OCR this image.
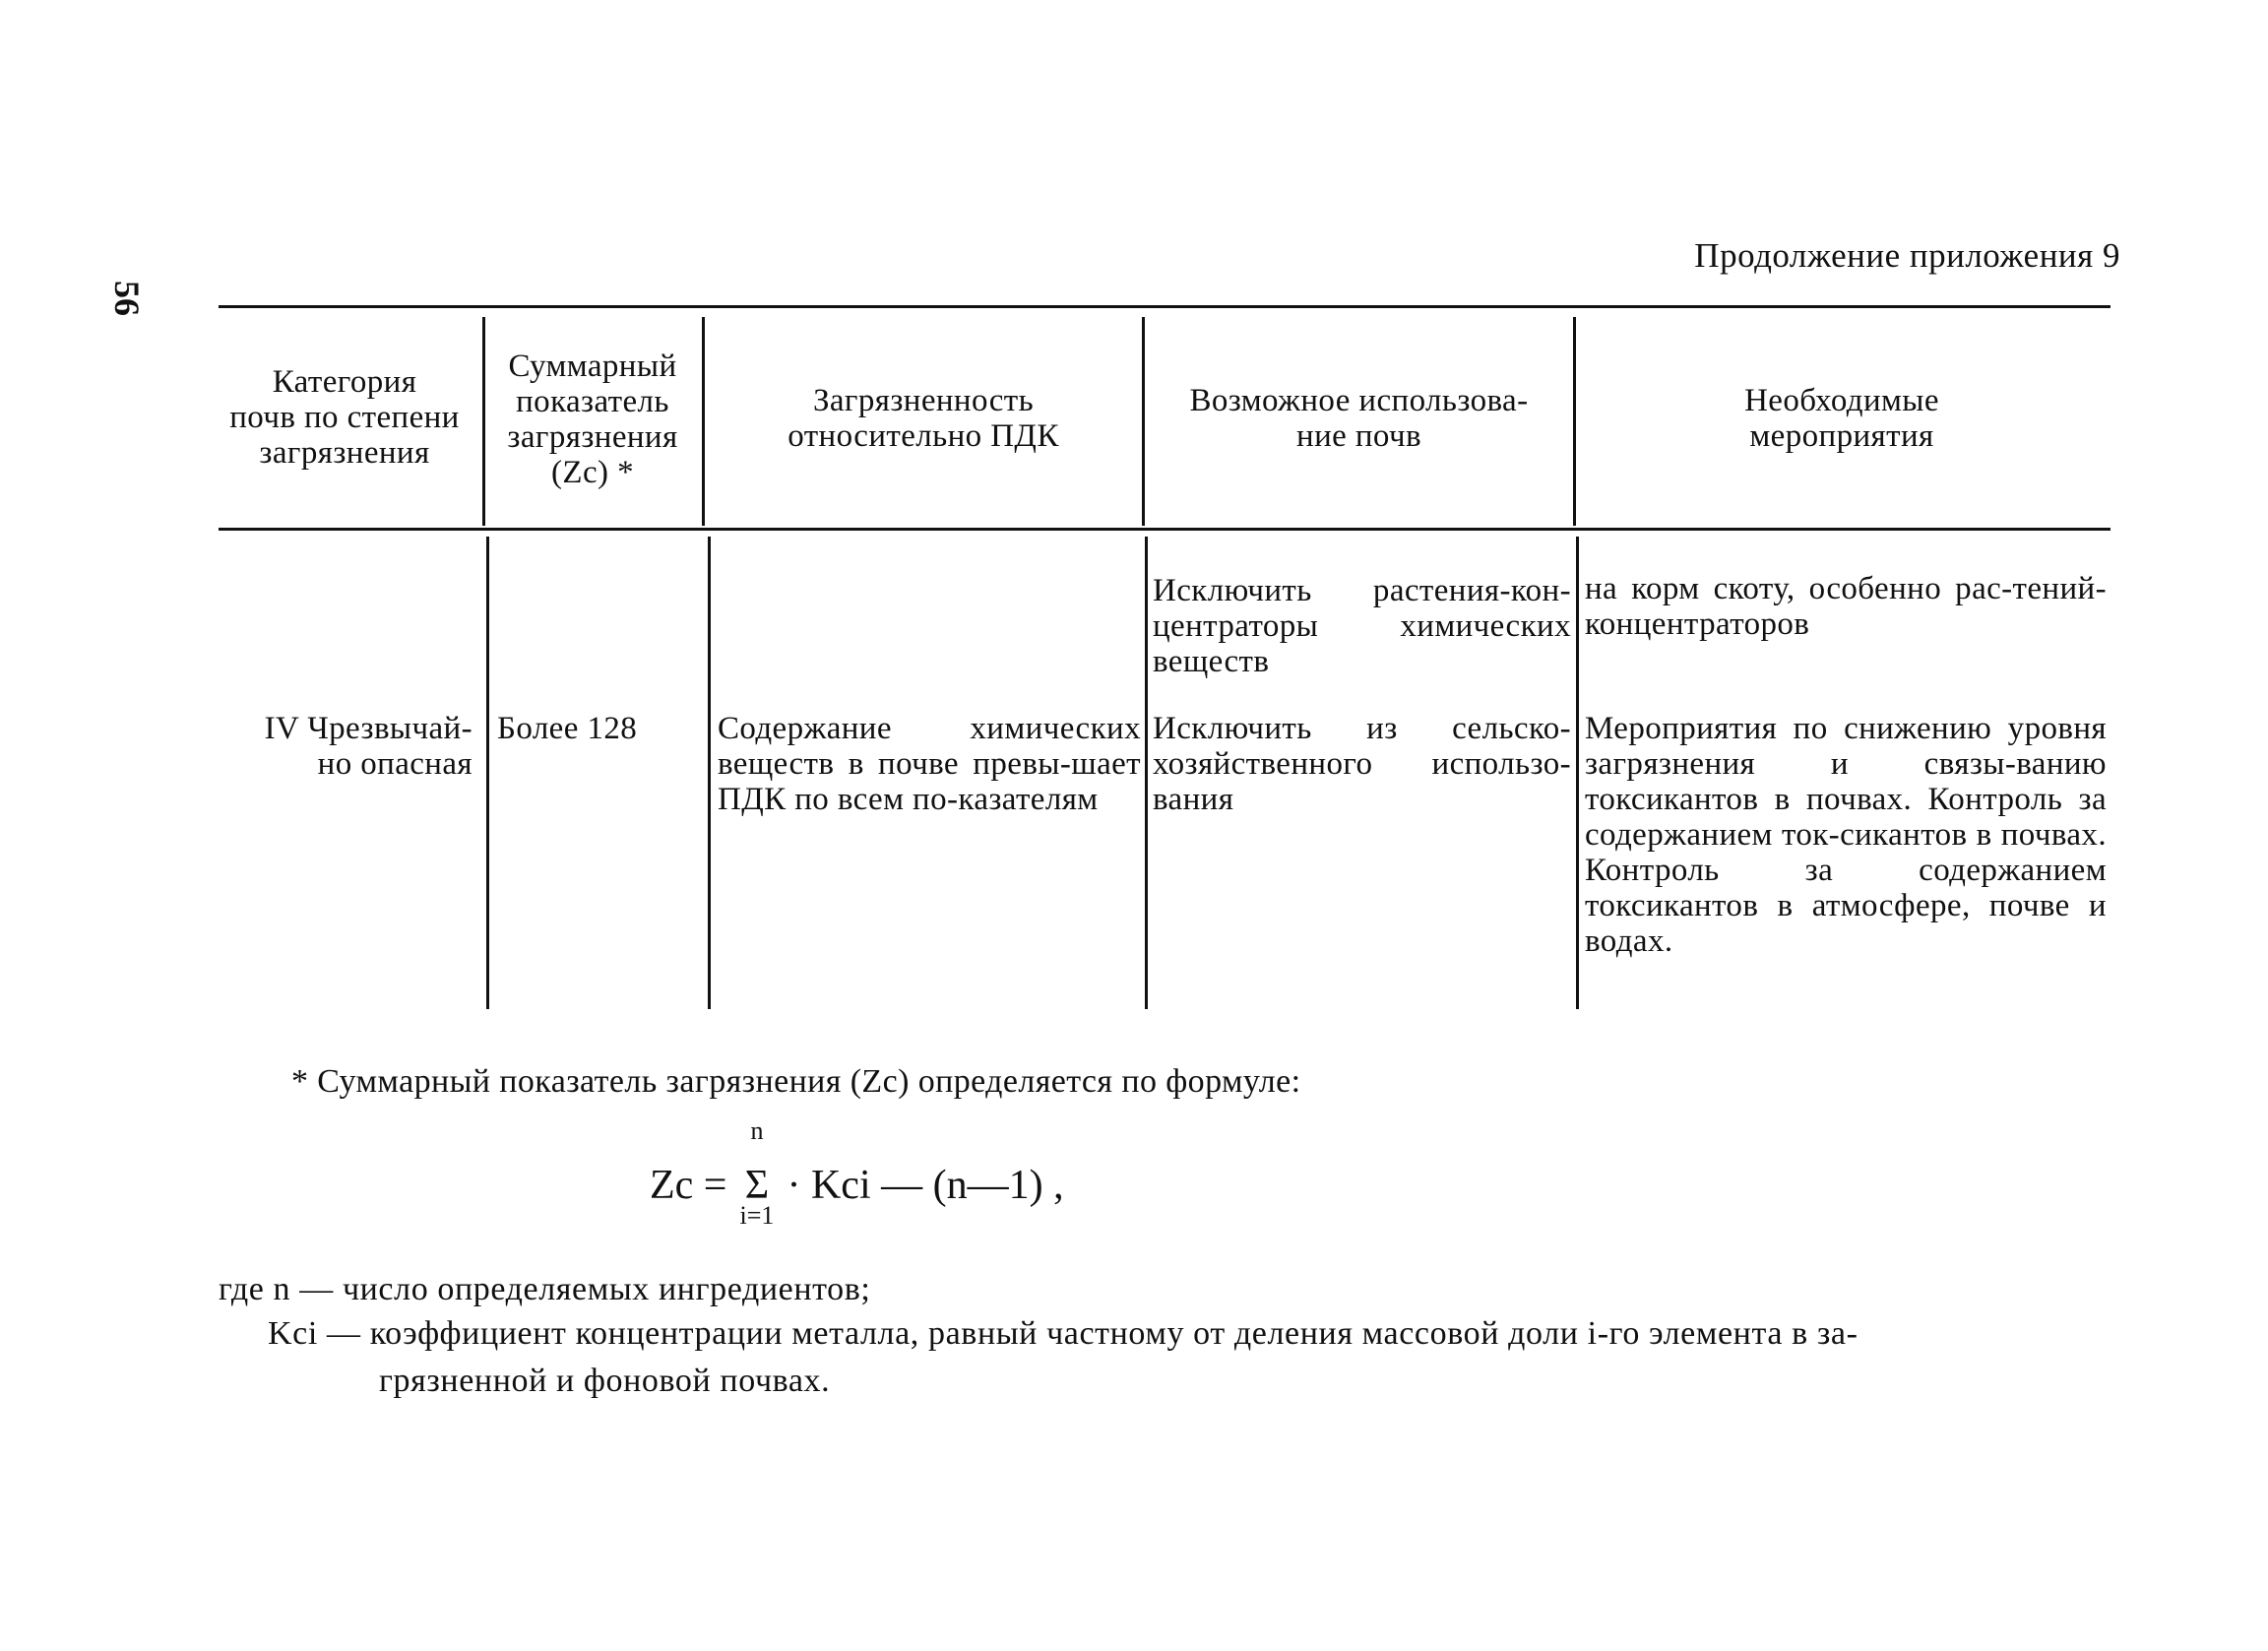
56
Продолжение приложения 9
Категория
почв по степени
загрязнения
Суммарный
показатель
загрязнения
(Zc) *
Загрязненность
относительно ПДК
Возможное использова-
ние почв
Необходимые
мероприятия
IV Чрезвычай-
но опасная
Более 128	Содержание химических веществ в почве превы-шает ПДК по всем по-казателям
Исключить растения-кон-центраторы химических веществ
на корм скоту, особенно рас-тений-концентраторов
Исключить из сельско-хозяйственного использо-вания
Мероприятия по снижению уровня загрязнения и связы-ванию токсикантов в почвах. Контроль за содержанием ток-сикантов в почвах. Контроль за содержанием токсикантов в атмосфере, почве и водах.
* Суммарный показатель загрязнения (Zc) определяется по формуле:
Zc =
n
Σ
i=1
· Kci — (n—1) ,
где n — число определяемых ингредиентов;
Kci — коэффициент концентрации металла, равный частному от деления массовой доли i-го элемента в за-
грязненной и фоновой почвах.
